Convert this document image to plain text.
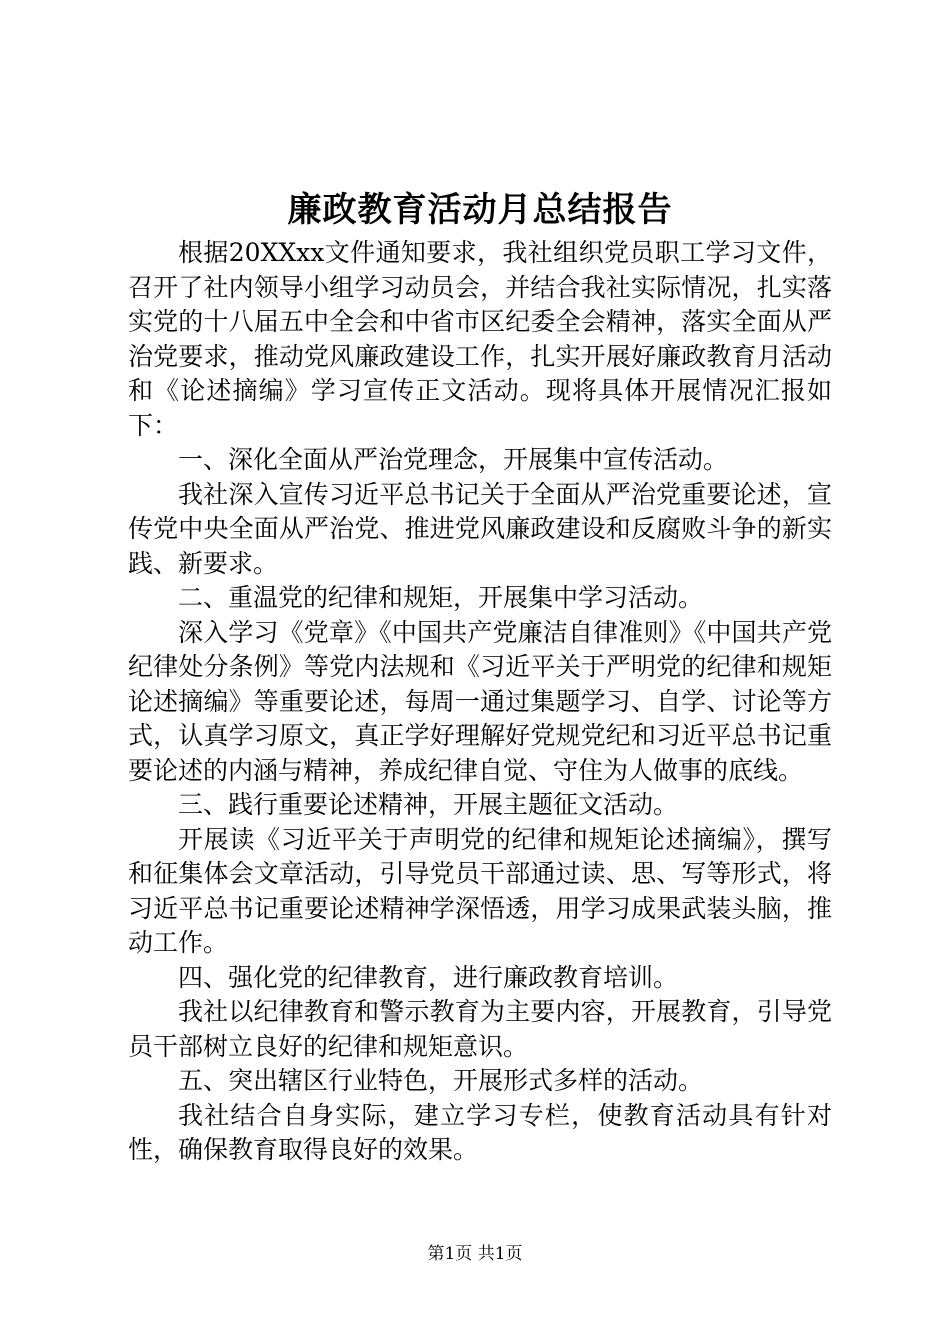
廉政教育活动月总结报告

根据20XXxx文件通知要求，我社组织党员职工学习文件，召开了社内领导小组学习动员会，并结合我社实际情况，扎实落实党的十八届五中全会和中省市区纪委全会精神，落实全面从严治党要求，推动党风廉政建设工作，扎实开展好廉政教育月活动和《论述摘编》学习宣传正文活动。现将具体开展情况汇报如下：

一、深化全面从严治党理念，开展集中宣传活动。

我社深入宣传习近平总书记关于全面从严治党重要论述，宣传党中央全面从严治党、推进党风廉政建设和反腐败斗争的新实践、新要求。

二、重温党的纪律和规矩，开展集中学习活动。

深入学习《党章》《中国共产党廉洁自律准则》《中国共产党纪律处分条例》等党内法规和《习近平关于严明党的纪律和规矩论述摘编》等重要论述，每周一通过集题学习、自学、讨论等方式，认真学习原文，真正学好理解好党规党纪和习近平总书记重要论述的内涵与精神，养成纪律自觉、守住为人做事的底线。

三、践行重要论述精神，开展主题征文活动。

开展读《习近平关于声明党的纪律和规矩论述摘编》，撰写和征集体会文章活动，引导党员干部通过读、思、写等形式，将习近平总书记重要论述精神学深悟透，用学习成果武装头脑，推动工作。

四、强化党的纪律教育，进行廉政教育培训。

我社以纪律教育和警示教育为主要内容，开展教育，引导党员干部树立良好的纪律和规矩意识。

五、突出辖区行业特色，开展形式多样的活动。

我社结合自身实际，建立学习专栏，使教育活动具有针对性，确保教育取得良好的效果。

第1页 共1页
